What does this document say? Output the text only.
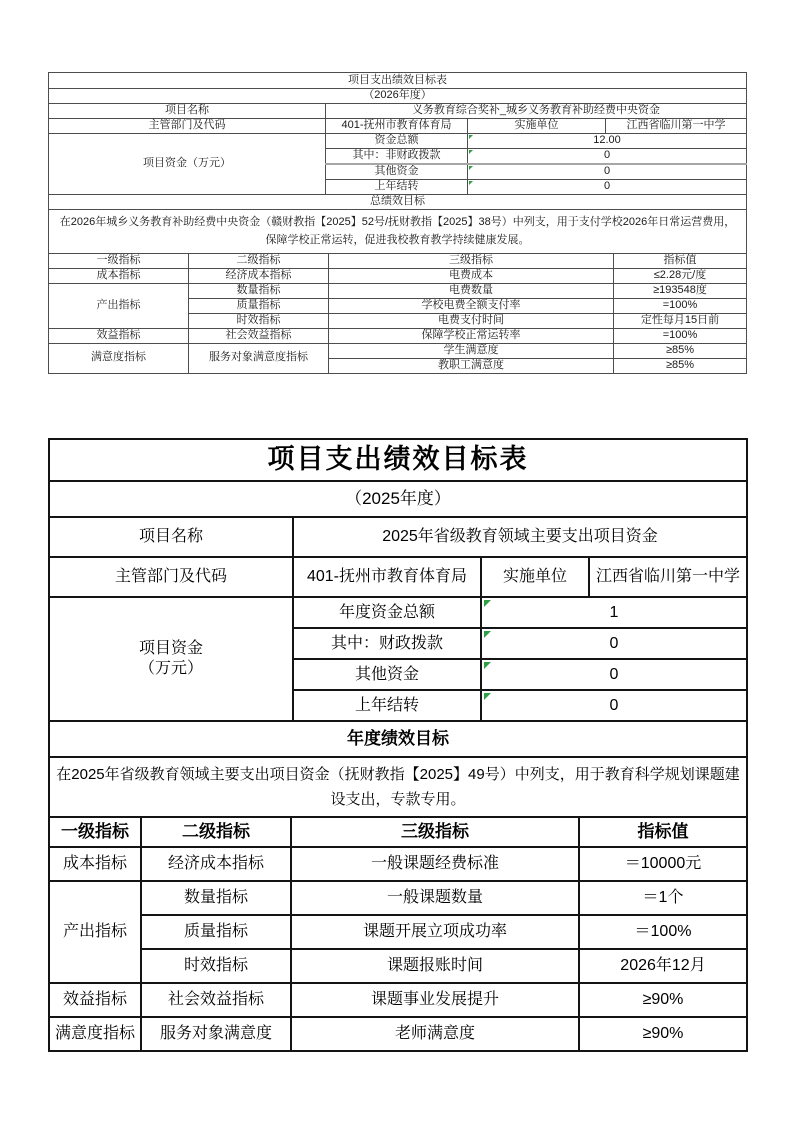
项目支出绩效目标表			
（2026年度）			
项目名称	义务教育综合奖补_城乡义务教育补助经费中央资金		
主管部门及代码	401-抚州市教育体育局	实施单位	江西省临川第一中学
项目资金（万元）	资金总额	12.00	
	其中：非财政拨款	0	
	其他资金	0	
	上年结转	0	
总绩效目标			
在2026年城乡义务教育补助经费中央资金（赣财教指【2025】52号/抚财教指【2025】38号）中列支，用于支付学校2026年日常运营费用，保障学校正常运转，促进我校教育教学持续健康发展。			
一级指标	二级指标	三级指标	指标值
成本指标	经济成本指标	电费成本	≤2.28元/度
产出指标	数量指标	电费数量	≥193548度
	质量指标	学校电费全额支付率	=100%
	时效指标	电费支付时间	定性每月15日前
效益指标	社会效益指标	保障学校正常运转率	=100%
满意度指标	服务对象满意度指标	学生满意度	≥85%
		教职工满意度	≥85%
项目支出绩效目标表			
（2025年度）			
项目名称	2025年省级教育领域主要支出项目资金		
主管部门及代码	401-抚州市教育体育局	实施单位	江西省临川第一中学

项目资金
（万元）	年度资金总额	1	
	其中：财政拨款	0	
	其他资金	0	
	上年结转	0	
年度绩效目标			
在2025年省级教育领域主要支出项目资金（抚财教指【2025】49号）中列支，用于教育科学规划课题建设支出，专款专用。			
一级指标	二级指标	三级指标	指标值
成本指标	经济成本指标	一般课题经费标准	＝10000元
产出指标	数量指标	一般课题数量	＝1个
	质量指标	课题开展立项成功率	＝100%
	时效指标	课题报账时间	2026年12月
效益指标	社会效益指标	课题事业发展提升	≥90%
满意度指标	服务对象满意度	老师满意度	≥90%
